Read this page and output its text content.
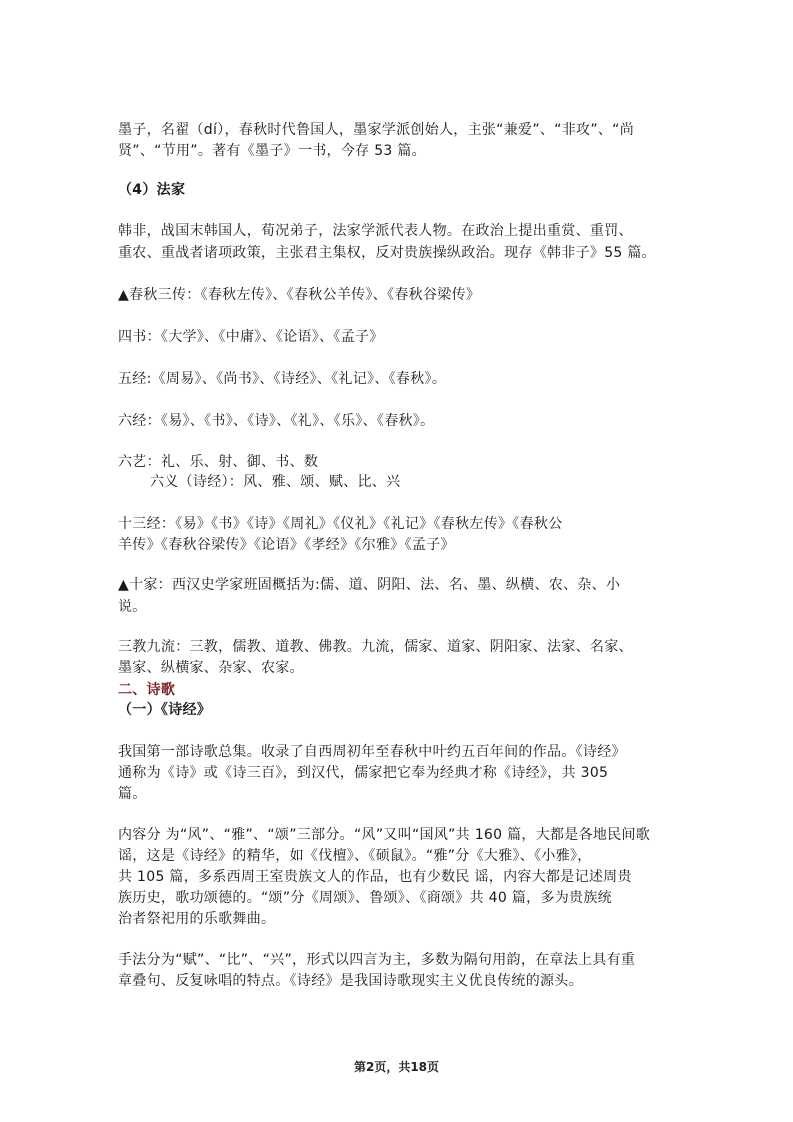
墨子，名翟（dí），春秋时代鲁国人，墨家学派创始人，主张“兼爱”、“非攻”、“尚
贤”、“节用”。著有《墨子》一书，今存 53 篇。
（4）法家
韩非，战国末韩国人，荀况弟子，法家学派代表人物。在政治上提出重赏、重罚、
重农、重战者诸项政策，主张君主集权，反对贵族操纵政治。现存《韩非子》55 篇。
▲春秋三传：《春秋左传》、《春秋公羊传》、《春秋谷梁传》
四书：《大学》、《中庸》、《论语》、《孟子》
五经:《周易》、《尚书》、《诗经》、《礼记》、《春秋》。
六经：《易》、《书》、《诗》、《礼》、《乐》、《春秋》。
六艺：礼、乐、射、御、书、数
六义（诗经）：风、雅、颂、赋、比、兴
十三经：《易》《书》《诗》《周礼》《仪礼》《礼记》《春秋左传》《春秋公
羊传》《春秋谷梁传》《论语》《孝经》《尔雅》《孟子》
▲十家：西汉史学家班固概括为:儒、道、阴阳、法、名、墨、纵横、农、杂、小
说。
三教九流：三教，儒教、道教、佛教。九流，儒家、道家、阴阳家、法家、名家、
墨家、纵横家、杂家、农家。
二、诗歌
（一）《诗经》
我国第一部诗歌总集。收录了自西周初年至春秋中叶约五百年间的作品。《诗经》
通称为《诗》或《诗三百》，到汉代，儒家把它奉为经典才称《诗经》，共 305
篇。
内容分 为“风”、“雅”、“颂”三部分。“风”又叫“国风”共 160 篇，大都是各地民间歌
谣，这是《诗经》的精华，如《伐檀》、《硕鼠》。“雅”分《大雅》、《小雅》，
共 105 篇，多系西周王室贵族文人的作品，也有少数民 谣，内容大都是记述周贵
族历史，歌功颂德的。“颂”分《周颂》、鲁颂》、《商颂》共 40 篇，多为贵族统
治者祭祀用的乐歌舞曲。
手法分为“赋”、“比”、“兴”，形式以四言为主，多数为隔句用韵，在章法上具有重
章叠句、反复咏唱的特点。《诗经》是我国诗歌现实主义优良传统的源头。
第2页，共18页
